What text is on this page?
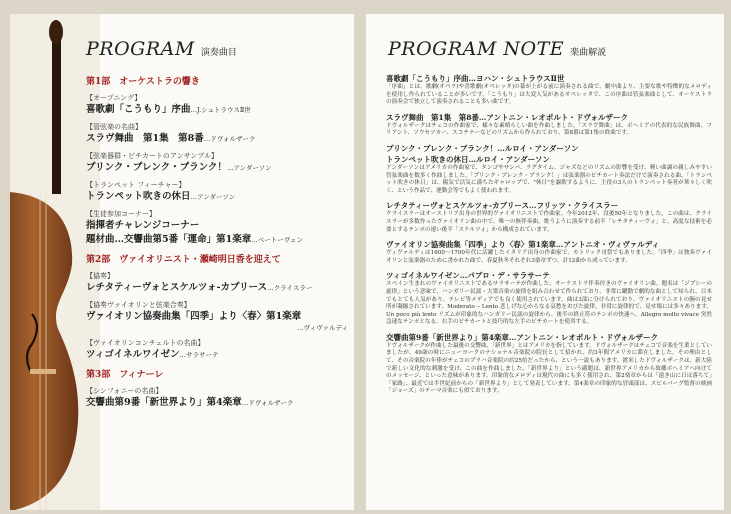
PROGRAM 演奏曲目
第1部　オーケストラの響き
【オープニング】
喜歌劇「こうもり」序曲…J.シュトラウスⅡ世
【管弦楽の名曲】
スラヴ舞曲　第1集　第8番…ドヴォルザーク
【弦楽器群・ピチカートのアンサンブル】
プリンク・プレンク・プランク！…アンダーソン
【トランペット フィーチャー】
トランペット吹きの休日…アンダーソン
【生徒参加コーナー】
指揮者チャレンジコーナー
題材曲…交響曲第5番「運命」第1楽章…ベートーヴェン
第2部　ヴァイオリニスト・瀬崎明日香を迎えて
【協奏】
レチタティーヴォとスケルツォ-カプリース…クライスラー
【協奏ヴァイオリンと弦楽合奏】
ヴァイオリン協奏曲集「四季」より〈春〉第1楽章
…ヴィヴァルディ
【ヴァイオリンコンチェルトの名曲】
ツィゴイネルワイゼン…サラサーテ
第3部　フィナーレ
【シンフォニーの名曲】
交響曲第9番「新世界より」第4楽章…ドヴォルザーク
PROGRAM NOTE 楽曲解説
喜歌劇「こうもり」序曲…ヨハン・シュトラウスⅡ世
「序曲」とは、歌劇(オペラ)や喜歌劇(オペレッタ)の幕が上がる前に演奏される曲で、劇中曲より、主要な歌や特徴的なメロディを使用し作られていることが多いです。「こうもり」は大変人気があるオペレッタで、この序曲は管弦楽曲として、オーケストラの演奏会で独立して演奏されることも多い曲です。
スラヴ舞曲　第1集　第8番…アントニン・レオポルト・ドヴォルザーク
ドヴォルザークはチェコの作曲家で、様々な素晴らしい曲を作曲しました。「スラヴ舞曲」は、ボヘミアの代表的な民族舞曲、フリアント、ソウセツカー、スコチナーなどのリズムから作られており、第8番は第1集の終曲です。
プリンク・プレンク・プランク！…ルロイ・アンダーソン
トランペット吹きの休日…ルロイ・アンダーソン
アンダーソンはアメリカの作曲家で、タンゴやサンバ、ラグタイム、ジャズなどのリズムの影響を受け、軽い曲調の親しみやすい管弦楽曲を数多く作曲しました。「プリンク・プレンク・プランク！」は弦楽器のピチカート奏法だけで演奏される曲、「トランペット吹きの休日」は、陽気で活気に満ちたギャロップで、"休日"を謳歌するように、主役の3人のトランペット奏者が華々しく吹く、という作品で、運動会等でもよく使われます。
レチタティーヴォとスケルツォ-カプリース…フリッツ・クライスラー
クライスラーはオーストリア出身の世界的ヴァイオリニストで作曲家。今年2012年、没後50年となりました。この曲は、クライスラーが多数作ったヴァイオリン曲の中で、唯一の無伴奏曲。歌うように演奏する前半「レチタティーヴォ」と、高度な技術を必要とするテンポの速い後半「スケルツォ」から構成されています。
ヴァイオリン協奏曲集「四季」より〈春〉第1楽章…アントニオ・ヴィヴァルディ
ヴィヴァルディは1600～1700年代に活躍したイタリア出身の作曲家で、カトリック司祭でもありました。「四季」は独奏ヴァイオリンと弦楽器のために書かれた曲で、春夏秋冬それぞれ3楽章ずつ、計12曲から成っています。
ツィゴイネルワイゼン…パブロ・デ・サラサーテ
スペイン生まれのヴァイオリニストであるサラサーテが作曲した、オーケストラ伴奏付きのヴァイオリン曲。題名は「ジプシーの旋律」という意味で、ハンガリー民謡・大衆音楽の旋律を組み合わせて作られており、非常に躍動で劇的な曲として知られ、日本でもとても人気があり、テレビ等メディアでも良く使用されています。曲は3部に分けられており、ヴァイオリニストの腕の見せ所が凝縮されています。Moderato ‒ Lento 悲しげな心からなる哀愁をおびた旋律。非常に旋律的で、見せ場には多々あります。Un poco più lento リズムが印象的なハンガリー民謡の旋律から、後半の終止符のテンポの快速へ。Allegro molto vivace 突然急速なテンポとなる。右手のピチカートと技巧的な左手のピチカートを使用する。
交響曲第9番「新世界より」第4楽章…アントニン・レオポルト・ドヴォルザーク
ドヴォルザークが作曲した最後の交響曲、「新世界」とはアメリカを指しています。ドヴォルザークはチェコで音楽を生業としていましたが、49歳の時にニューヨークのナショナル音楽院の院長として招かれ、約3年間アメリカに滞在しました。その理由として、その音楽院の年俸がチェコのプラハ音楽院の約25倍だったから、という一説もあります。渡米したドヴォルザークは、新大陸で新しい文化的な刺激を受け、この曲を作曲しました。「新世界より」という副題は、新世界アメリカから故郷ボヘミアへ向けてのメッセージ、といった意味があります。印象的なメロディは現代の曲にも多く使用され、第2楽章からは「遠き山に日は落ちて」「家路」、最近では半世紀前からの「新世界より」として発表しています。第4楽章の印象的な冒頭部は、スピルバーグ監督の映画「ジョーズ」のテーマ音楽にも似ております。
